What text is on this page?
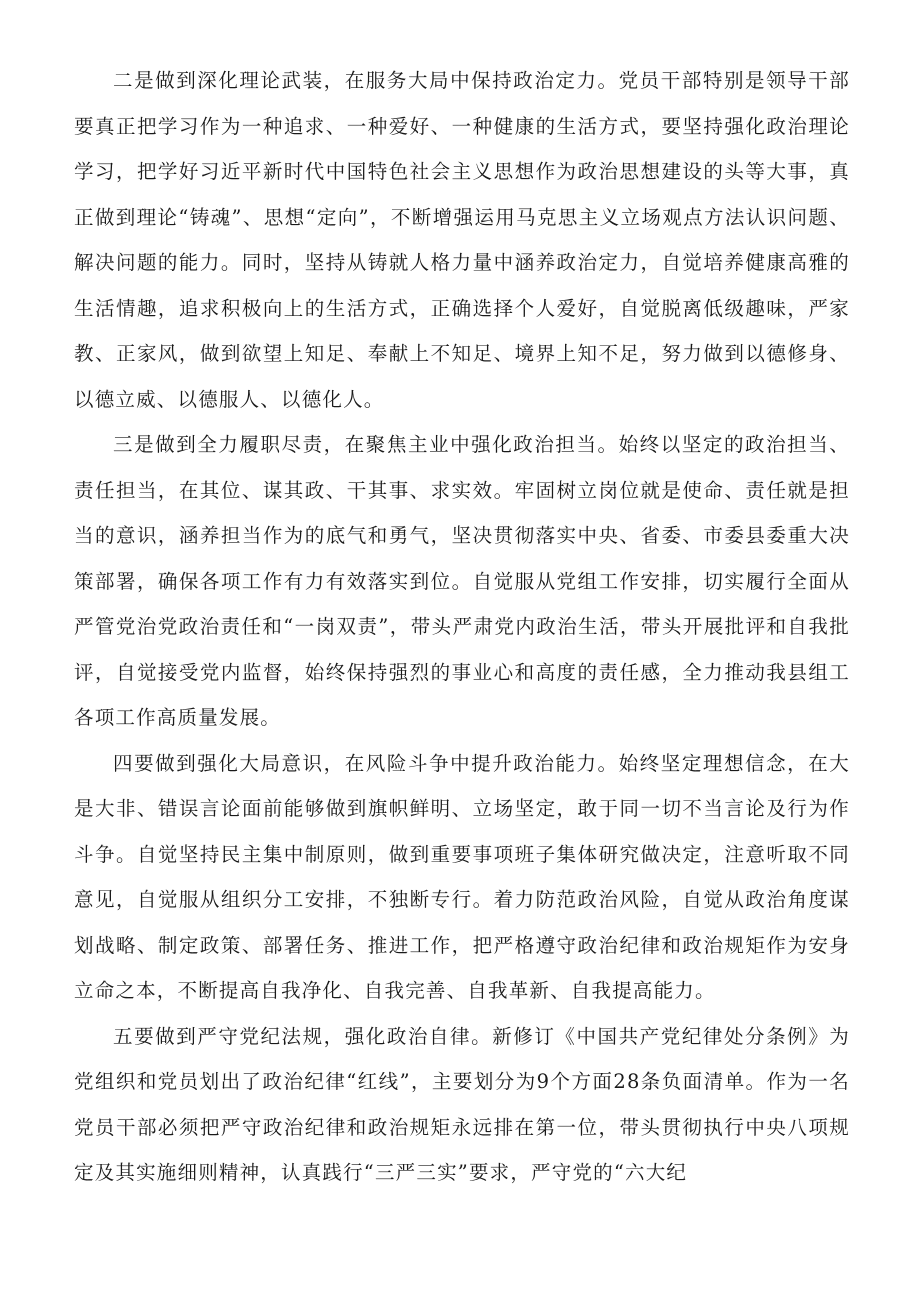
二是做到深化理论武装，在服务大局中保持政治定力。党员干部特别是领导干部要真正把学习作为一种追求、一种爱好、一种健康的生活方式，要坚持强化政治理论学习，把学好习近平新时代中国特色社会主义思想作为政治思想建设的头等大事，真正做到理论“铸魂”、思想“定向”，不断增强运用马克思主义立场观点方法认识问题、解决问题的能力。同时，坚持从铸就人格力量中涵养政治定力，自觉培养健康高雅的生活情趣，追求积极向上的生活方式，正确选择个人爱好，自觉脱离低级趣味，严家教、正家风，做到欲望上知足、奉献上不知足、境界上知不足，努力做到以德修身、以德立威、以德服人、以德化人。

三是做到全力履职尽责，在聚焦主业中强化政治担当。始终以坚定的政治担当、责任担当，在其位、谋其政、干其事、求实效。牢固树立岗位就是使命、责任就是担当的意识，涵养担当作为的底气和勇气，坚决贯彻落实中央、省委、市委县委重大决策部署，确保各项工作有力有效落实到位。自觉服从党组工作安排，切实履行全面从严管党治党政治责任和“一岗双责”，带头严肃党内政治生活，带头开展批评和自我批评，自觉接受党内监督，始终保持强烈的事业心和高度的责任感，全力推动我县组工各项工作高质量发展。

四要做到强化大局意识，在风险斗争中提升政治能力。始终坚定理想信念，在大是大非、错误言论面前能够做到旗帜鲜明、立场坚定，敢于同一切不当言论及行为作斗争。自觉坚持民主集中制原则，做到重要事项班子集体研究做决定，注意听取不同意见，自觉服从组织分工安排，不独断专行。着力防范政治风险，自觉从政治角度谋划战略、制定政策、部署任务、推进工作，把严格遵守政治纪律和政治规矩作为安身立命之本，不断提高自我净化、自我完善、自我革新、自我提高能力。

五要做到严守党纪法规，强化政治自律。新修订《中国共产党纪律处分条例》为党组织和党员划出了政治纪律“红线”，主要划分为9个方面28条负面清单。作为一名党员干部必须把严守政治纪律和政治规矩永远排在第一位，带头贯彻执行中央八项规定及其实施细则精神，认真践行“三严三实”要求，严守党的“六大纪
